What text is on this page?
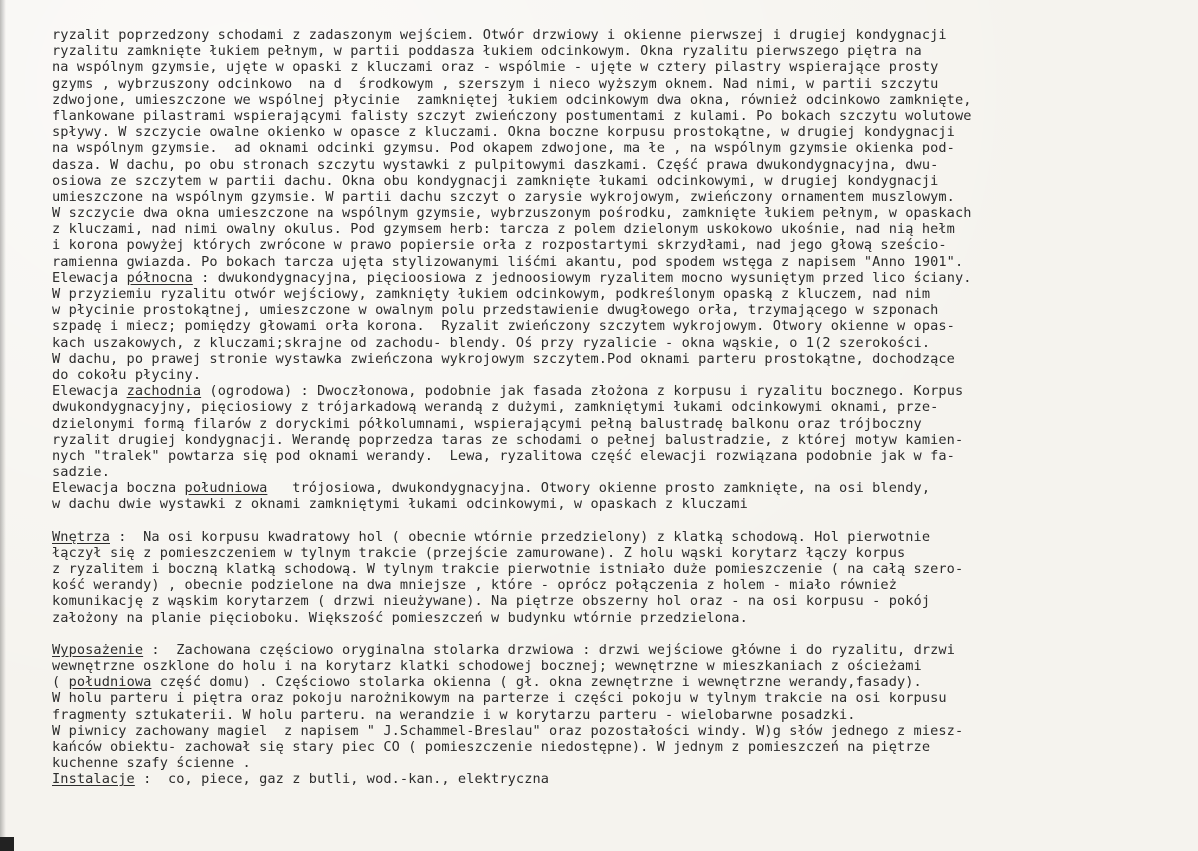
ryzalit poprzedzony schodami z zadaszonym wejściem. Otwór drzwiowy i okienne pierwszej i drugiej kondygnacji
ryzalitu zamknięte łukiem pełnym, w partii poddasza łukiem odcinkowym. Okna ryzalitu pierwszego piętra na
na wspólnym gzymsie, ujęte w opaski z kluczami oraz - wspólmie - ujęte w cztery pilastry wspierające prosty
gzyms , wybrzuszony odcinkowo  na d  środkowym , szerszym i nieco wyższym oknem. Nad nimi, w partii szczytu
zdwojone, umieszczone we wspólnej płycinie  zamkniętej łukiem odcinkowym dwa okna, również odcinkowo zamknięte,
flankowane pilastrami wspierającymi falisty szczyt zwieńczony postumentami z kulami. Po bokach szczytu wolutowe
spływy. W szczycie owalne okienko w opasce z kluczami. Okna boczne korpusu prostokątne, w drugiej kondygnacji
na wspólnym gzymsie.  ad oknami odcinki gzymsu. Pod okapem zdwojone, ma łe , na wspólnym gzymsie okienka pod-
dasza. W dachu, po obu stronach szczytu wystawki z pulpitowymi daszkami. Część prawa dwukondygnacyjna, dwu-
osiowa ze szczytem w partii dachu. Okna obu kondygnacji zamknięte łukami odcinkowymi, w drugiej kondygnacji
umieszczone na wspólnym gzymsie. W partii dachu szczyt o zarysie wykrojowym, zwieńczony ornamentem muszlowym.
W szczycie dwa okna umieszczone na wspólnym gzymsie, wybrzuszonym pośrodku, zamknięte łukiem pełnym, w opaskach
z kluczami, nad nimi owalny okulus. Pod gzymsem herb: tarcza z polem dzielonym uskokowo ukośnie, nad nią hełm
i korona powyżej których zwrócone w prawo popiersie orła z rozpostartymi skrzydłami, nad jego głową sześcio-
ramienna gwiazda. Po bokach tarcza ujęta stylizowanymi liśćmi akantu, pod spodem wstęga z napisem "Anno 1901".
Elewacja północna : dwukondygnacyjna, pięcioosiowa z jednoosiowym ryzalitem mocno wysuniętym przed lico ściany.
W przyziemiu ryzalitu otwór wejściowy, zamknięty łukiem odcinkowym, podkreślonym opaską z kluczem, nad nim
w płycinie prostokątnej, umieszczone w owalnym polu przedstawienie dwugłowego orła, trzymającego w szponach
szpadę i miecz; pomiędzy głowami orła korona.  Ryzalit zwieńczony szczytem wykrojowym. Otwory okienne w opas-
kach uszakowych, z kluczami;skrajne od zachodu- blendy. Oś przy ryzalicie - okna wąskie, o 1(2 szerokości.
W dachu, po prawej stronie wystawka zwieńczona wykrojowym szczytem.Pod oknami parteru prostokątne, dochodzące
do cokołu płyciny.
Elewacja zachodnia (ogrodowa) : Dwoczłonowa, podobnie jak fasada złożona z korpusu i ryzalitu bocznego. Korpus
dwukondygnacyjny, pięciosiowy z trójarkadową werandą z dużymi, zamkniętymi łukami odcinkowymi oknami, prze-
dzielonymi formą filarów z doryckimi półkolumnami, wspierającymi pełną balustradę balkonu oraz trójboczny
ryzalit drugiej kondygnacji. Werandę poprzedza taras ze schodami o pełnej balustradzie, z której motyw kamien-
nych "tralek" powtarza się pod oknami werandy.  Lewa, ryzalitowa część elewacji rozwiązana podobnie jak w fa-
sadzie.
Elewacja boczna południowa   trójosiowa, dwukondygnacyjna. Otwory okienne prosto zamknięte, na osi blendy,
w dachu dwie wystawki z oknami zamkniętymi łukami odcinkowymi, w opaskach z kluczami
Wnętrza :  Na osi korpusu kwadratowy hol ( obecnie wtórnie przedzielony) z klatką schodową. Hol pierwotnie
łączył się z pomieszczeniem w tylnym trakcie (przejście zamurowane). Z holu wąski korytarz łączy korpus
z ryzalitem i boczną klatką schodową. W tylnym trakcie pierwotnie istniało duże pomieszczenie ( na całą szero-
kość werandy) , obecnie podzielone na dwa mniejsze , które - oprócz połączenia z holem - miało również
komunikację z wąskim korytarzem ( drzwi nieużywane). Na piętrze obszerny hol oraz - na osi korpusu - pokój
założony na planie pięcioboku. Większość pomieszczeń w budynku wtórnie przedzielona.
Wyposażenie :  Zachowana częściowo oryginalna stolarka drzwiowa : drzwi wejściowe główne i do ryzalitu, drzwi
wewnętrzne oszklone do holu i na korytarz klatki schodowej bocznej; wewnętrzne w mieszkaniach z ościeżami
( południowa część domu) . Częściowo stolarka okienna ( gł. okna zewnętrzne i wewnętrzne werandy,fasady).
W holu parteru i piętra oraz pokoju narożnikowym na parterze i części pokoju w tylnym trakcie na osi korpusu
fragmenty sztukaterii. W holu parteru. na werandzie i w korytarzu parteru - wielobarwne posadzki.
W piwnicy zachowany magiel  z napisem " J.Schammel-Breslau" oraz pozostałości windy. W)g słów jednego z miesz-
kańców obiektu- zachował się stary piec CO ( pomieszczenie niedostępne). W jednym z pomieszczeń na piętrze
kuchenne szafy ścienne .
Instalacje :  co, piece, gaz z butli, wod.-kan., elektryczna
